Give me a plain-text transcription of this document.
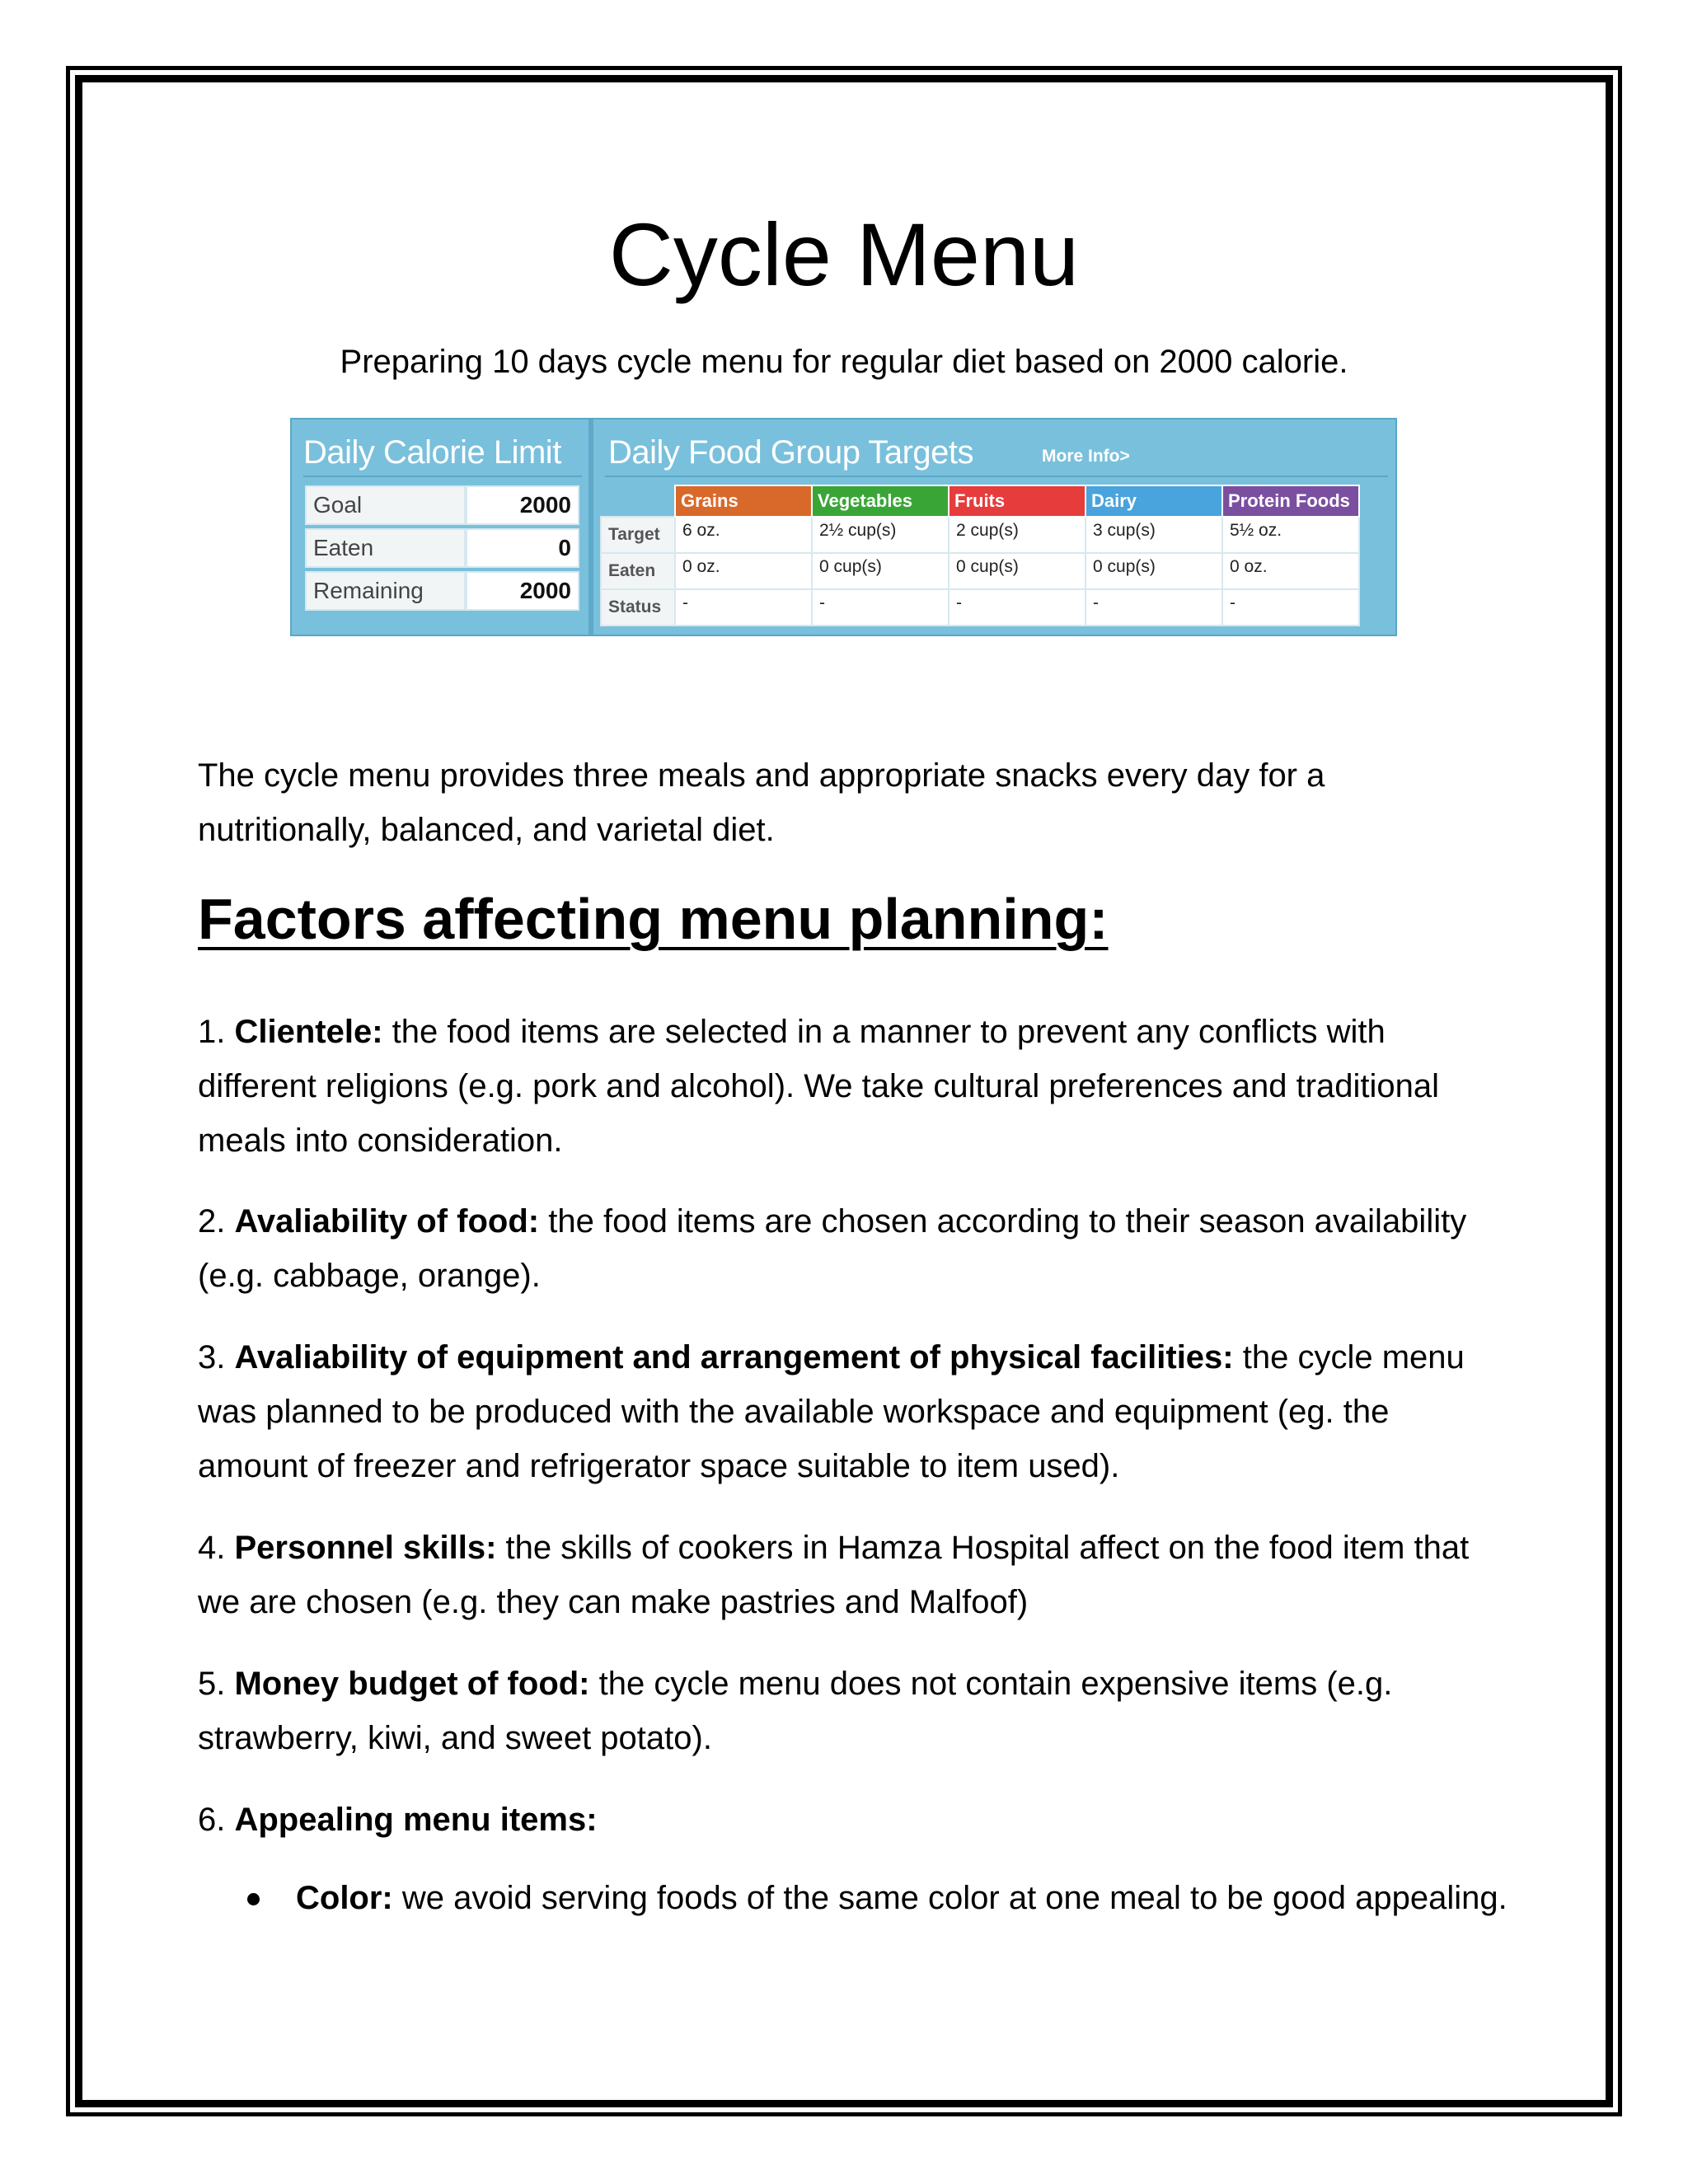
Cycle Menu

Preparing 10 days cycle menu for regular diet based on 2000 calorie.

Daily Calorie Limit
Goal	2000
Eaten	0
Remaining	2000
Daily Food Group Targets	More Info>
	Grains	Vegetables	Fruits	Dairy	Protein Foods
Target	6 oz.	2½ cup(s)	2 cup(s)	3 cup(s)	5½ oz.
Eaten	0 oz.	0 cup(s)	0 cup(s)	0 cup(s)	0 oz.
Status	-	-	-	-	-

The cycle menu provides three meals and appropriate snacks every day for a nutritionally, balanced, and varietal diet.

Factors affecting menu planning:

1. Clientele: the food items are selected in a manner to prevent any conflicts with different religions (e.g. pork and alcohol). We take cultural preferences and traditional meals into consideration.

2. Avaliability of food: the food items are chosen according to their season availability (e.g. cabbage, orange).

3. Avaliability of equipment and arrangement of physical facilities: the cycle menu was planned to be produced with the available workspace and equipment (eg. the amount of freezer and refrigerator space suitable to item used).

4. Personnel skills: the skills of cookers in Hamza Hospital affect on the food item that we are chosen (e.g. they can make pastries and Malfoof)

5. Money budget of food: the cycle menu does not contain expensive items (e.g. strawberry, kiwi, and sweet potato).

6. Appealing menu items:

Color: we avoid serving foods of the same color at one meal to be good appealing.
